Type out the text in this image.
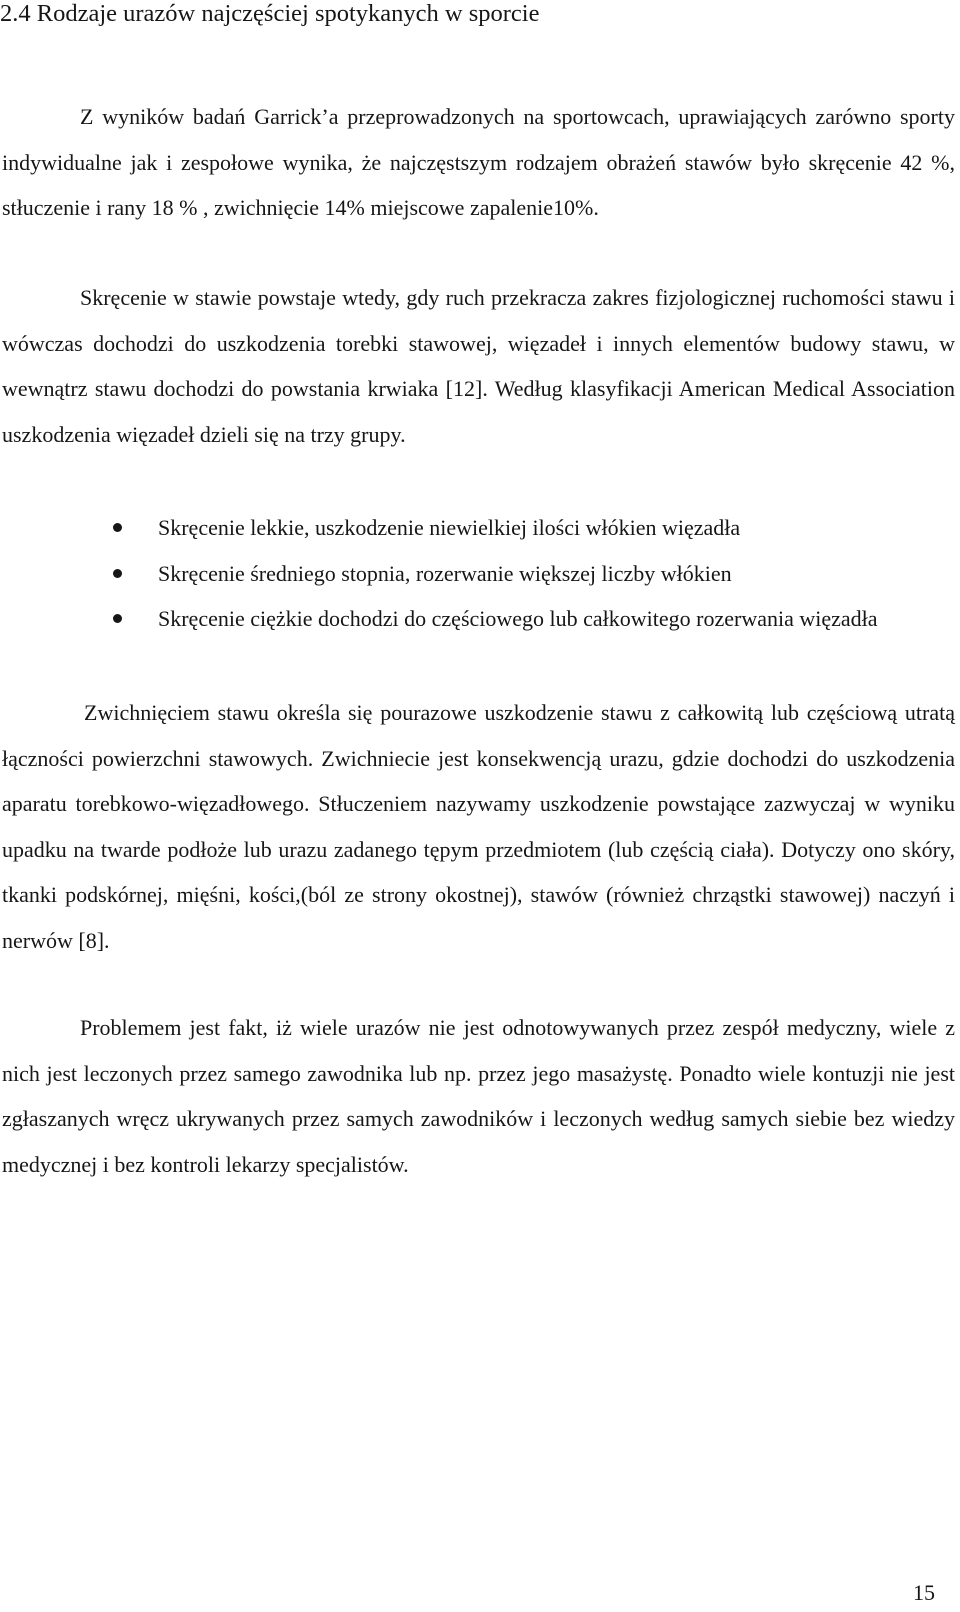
2.4 Rodzaje urazów najczęściej spotykanych w sporcie

Z wyników badań Garrick’a przeprowadzonych na sportowcach, uprawiających zarówno sporty indywidualne jak i zespołowe wynika, że najczęstszym rodzajem obrażeń stawów było skręcenie 42 %, stłuczenie i rany 18 % , zwichnięcie 14% miejscowe zapalenie10%.

Skręcenie w stawie powstaje wtedy, gdy ruch przekracza zakres fizjologicznej ruchomości stawu i wówczas dochodzi do uszkodzenia torebki stawowej, więzadeł i innych elementów budowy stawu, w wewnątrz stawu dochodzi do powstania krwiaka [12]. Według klasyfikacji American Medical Association uszkodzenia więzadeł dzieli się na trzy grupy.

Skręcenie lekkie, uszkodzenie niewielkiej ilości włókien więzadła
Skręcenie średniego stopnia, rozerwanie większej liczby włókien
Skręcenie ciężkie dochodzi do częściowego lub całkowitego rozerwania więzadła

Zwichnięciem stawu określa się pourazowe uszkodzenie stawu z całkowitą lub częściową utratą łączności powierzchni stawowych. Zwichniecie jest konsekwencją urazu, gdzie dochodzi do uszkodzenia aparatu torebkowo-więzadłowego. Stłuczeniem nazywamy uszkodzenie powstające zazwyczaj w wyniku upadku na twarde podłoże lub urazu zadanego tępym przedmiotem (lub częścią ciała). Dotyczy ono skóry, tkanki podskórnej, mięśni, kości,(ból ze strony okostnej), stawów (również chrząstki stawowej) naczyń i nerwów [8].

Problemem jest fakt, iż wiele urazów nie jest odnotowywanych przez zespół medyczny, wiele z nich jest leczonych przez samego zawodnika lub np. przez jego masażystę. Ponadto wiele kontuzji nie jest zgłaszanych wręcz ukrywanych przez samych zawodników i leczonych według samych siebie bez wiedzy medycznej i bez kontroli lekarzy specjalistów.

15
